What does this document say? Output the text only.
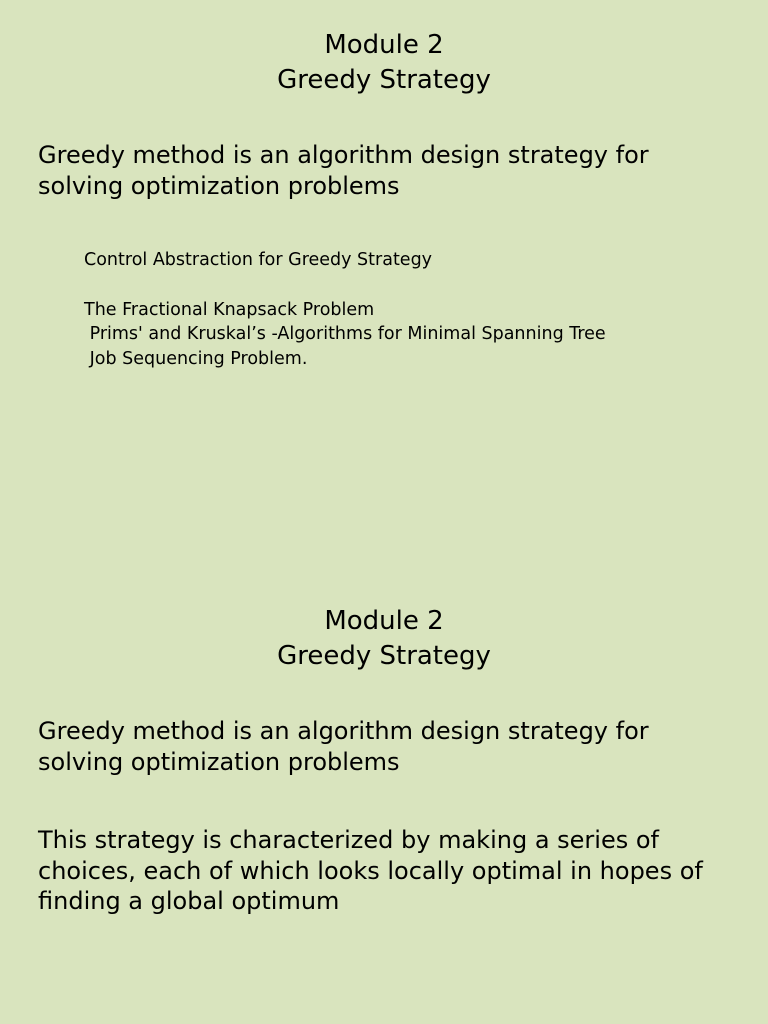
Module 2
Greedy Strategy

Greedy method is an algorithm design strategy for solving optimization problems

Control Abstraction for Greedy Strategy
The Fractional Knapsack Problem
Prims' and Kruskal’s -Algorithms for Minimal Spanning Tree
Job Sequencing Problem.
Module 2
Greedy Strategy

Greedy method is an algorithm design strategy for solving optimization problems

This strategy is characterized by making a series of choices, each of which looks locally optimal in hopes of finding a global optimum
